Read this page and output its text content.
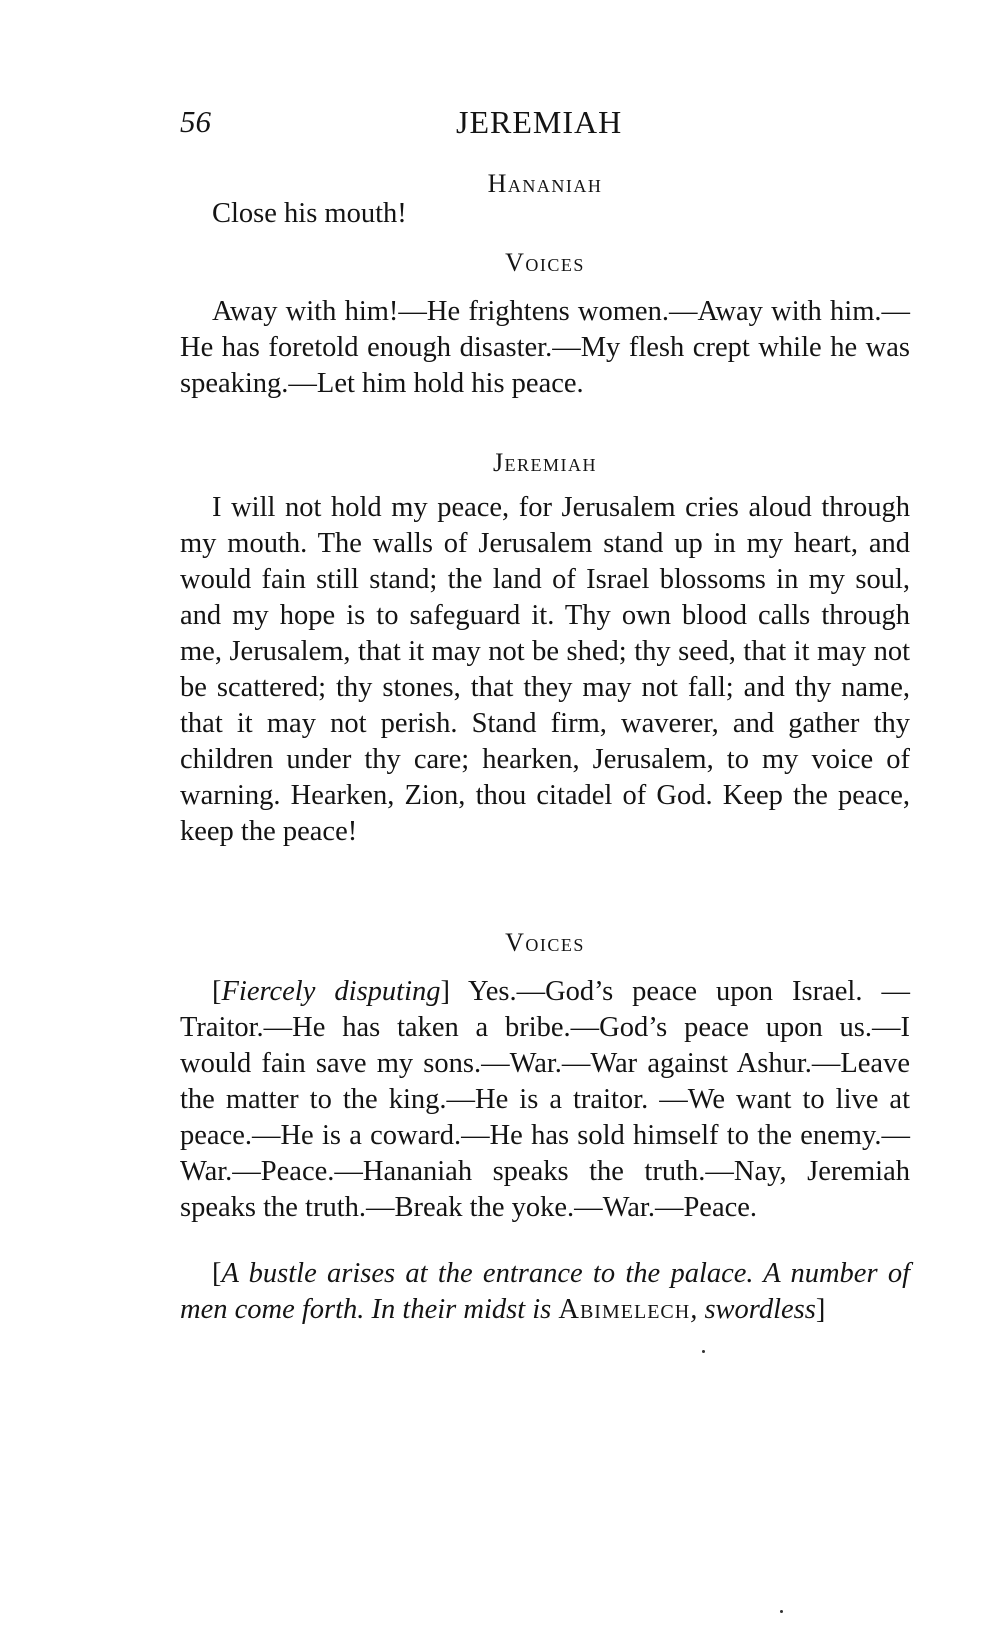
56	JEREMIAH
Hananiah

Close his mouth!

Voices

Away with him!—He frightens women.—Away with him.—He has foretold enough disaster.—My flesh crept while he was speaking.—Let him hold his peace.

Jeremiah

I will not hold my peace, for Jerusalem cries aloud through my mouth. The walls of Jerusalem stand up in my heart, and would fain still stand; the land of Israel blossoms in my soul, and my hope is to safeguard it. Thy own blood calls through me, Jerusalem, that it may not be shed; thy seed, that it may not be scattered; thy stones, that they may not fall; and thy name, that it may not perish. Stand firm, waverer, and gather thy children under thy care; hearken, Jerusalem, to my voice of warning. Hearken, Zion, thou citadel of God. Keep the peace, keep the peace!

Voices

[Fiercely disputing] Yes.—God’s peace upon Israel. —Traitor.—He has taken a bribe.—God’s peace upon us.—I would fain save my sons.—War.—War against Ashur.—Leave the matter to the king.—He is a traitor. —We want to live at peace.—He is a coward.—He has sold himself to the enemy.—War.—Peace.—Hananiah speaks the truth.—Nay, Jeremiah speaks the truth.—Break the yoke.—War.—Peace.

[A bustle arises at the entrance to the palace. A number of men come forth. In their midst is Abimelech, swordless]
